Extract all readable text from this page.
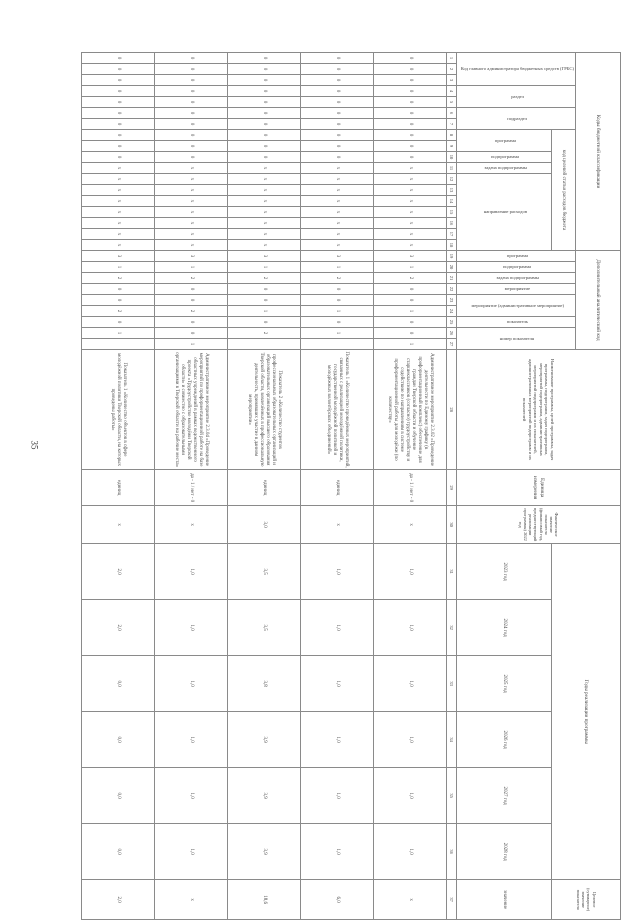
35
Коды бюджетной классификации																		Дополнительный аналитический код									Наименование программы, целей программы, задач программы, подпрограмм, задач подпрограмм, мероприятий подпрограмм, административных мероприятий подпрограмм и их показателей, административных мероприятий подпрограмм и их показателей	Единица измерения	Фактическое значение показателя (финансовый год, предшествующий реализации программы) 2022 год	Годы реализации программы						Целевое (суммарное) значение показателя
Код главного администратора бюджетных средств (ГРБС)			раздел		подраздел		код целевой статьи расходов бюджета											программа	подпрограмма	задача подпрограммы	мероприятие	мероприятие (административное мероприятие)		показатель	номер показателя											
							программа		подпрограмма	задача подпрограммы	направление расходов																			2023 год	2024 год	2025 год	2026 год	2027 год	2028 год	значение
1	2	3	4	5	6	7	8	9	10	11	12	13	14	15	16	17	18	19	20	21	22	23	24	25	26	27	28	29	30	31	32	33	34	35	36	37
0	0	0	0	0	0	0	0	0	0	х	х	х	х	х	х	х	х	3	1	2	0	0	1	0	0	1	Административное мероприятие 2.3.02 «Проведение деятельности по Единому графику (в профориентационный комплекс) обеспечение для граждан Тверской области и обучение старшеклассников (согласно) трудоустройству и содействию по направлениям в системе профориентационной работы для молодёжи (по количеству»	да - 1 / нет - 0	х	1,0	1,0	1,0	1,0	1,0	1,0	х
0	0	0	0	0	0	0	0	0	0	х	х	х	х	х	х	х	х	3	1	2	0	0	1	0	1		Показатель 1 «Количество проведённых мероприятий, связанных с реализацией молодёжной политики, государственной молодёжной политикой и молодёжных волонтёрских объединений»	единиц	х	1,0	1,0	1,0	1,0	1,0	1,0	6,0
0	0	0	0	0	0	0	0	0	0	х	х	х	х	х	х	х	х	3	1	2	0	0	1	0	2		Показатель 2 «Количество студентов профессиональных образовательных организаций и образовательных организаций высшего образования Тверской области, вовлечённых в профессиональную деятельность, принявших участие в данном мероприятии»	единиц	3,0	3,5	3,5	3,8	3,9	3,9	3,9	18,6
0	0	0	0	0	0	0	0	0	0	х	х	х	х	х	х	х	х	3	1	2	0	0	2	0	0	1	Административное мероприятие 2.3.04 «Проведение мероприятий по профориентационной работе на базе областных учреждений в рамках ведомственного проекта «Трудоустройство молодёжи Тверской области» и совместно с образовательными организациями в Тверской области на рабочие места»	да - 1 / нет - 0	х	1,0	1,0	1,0	1,0	1,0	1,0	х
0	0	0	0	0	0	0	0	0	0	х	х	х	х	х	х	х	х	3	1	2	0	0	2	0	1		Показатель 1 «Количество объектов в сфере молодёжной политики Тверской области, на которых проведены работы»	единиц	х	2,0	2,0	0,0	0,0	0,0	0,0	2,0
